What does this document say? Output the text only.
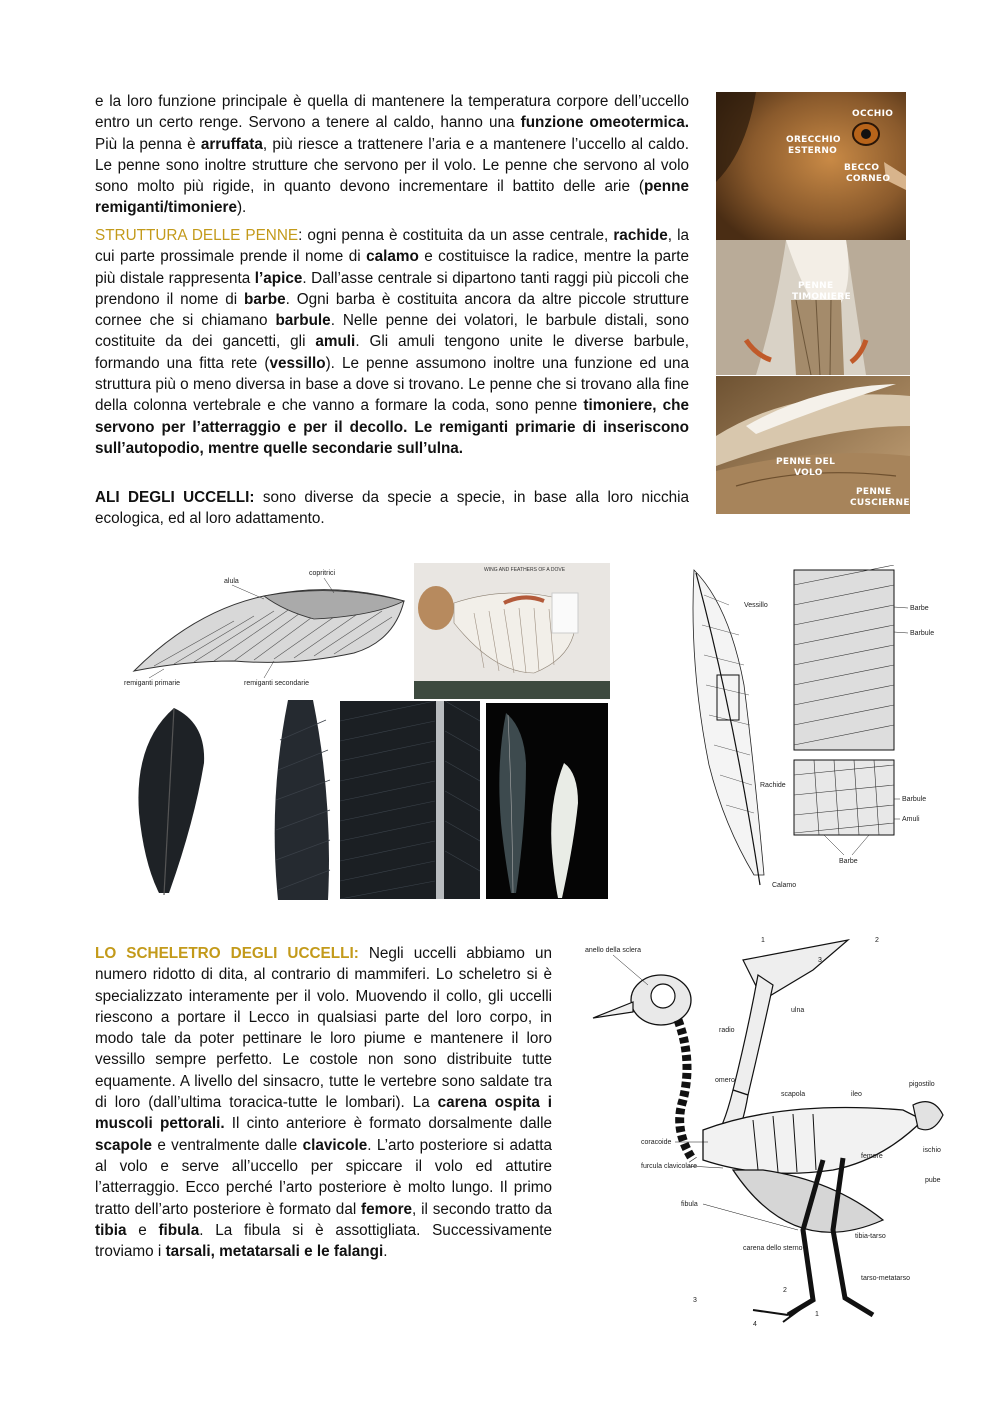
e la loro funzione principale è quella di mantenere la temperatura corpore dell’uccello entro un certo renge. Servono a tenere al caldo, hanno una funzione omeotermica. Più la penna è arruffata, più riesce a trattenere l’aria e a mantenere l’uccello al caldo. Le penne sono inoltre strutture che servono per il volo. Le penne che servono al volo sono molto più rigide, in quanto devono incrementare il battito delle arie (penne remiganti/timoniere).

STRUTTURA DELLE PENNE: ogni penna è costituita da un asse centrale, rachide, la cui parte prossimale prende il nome di calamo e costituisce la radice, mentre la parte più distale rappresenta l’apice. Dall’asse centrale si dipartono tanti raggi più piccoli che prendono il nome di barbe. Ogni barba è costituita ancora da altre piccole strutture cornee che si chiamano barbule. Nelle penne dei volatori, le barbule distali, sono costituite da dei gancetti, gli amuli. Gli amuli tengono unite le diverse barbule, formando una fitta rete (vessillo). Le penne assumono inoltre una funzione ed una struttura più o meno diversa in base a dove si trovano. Le penne che si trovano alla fine della colonna vertebrale e che vanno a formare la coda, sono penne timoniere, che servono per l’atterraggio e per il decollo. Le remiganti primarie di inseriscono sull’autopodio, mentre quelle secondarie sull’ulna.

ALI DEGLI UCCELLI: sono diverse da specie a specie, in base alla loro nicchia ecologica, ed al loro adattamento.

LO SCHELETRO DEGLI UCCELLI: Negli uccelli abbiamo un numero ridotto di dita, al contrario di mammiferi. Lo scheletro si è specializzato interamente per il volo. Muovendo il collo, gli uccelli riescono a portare il Lecco in qualsiasi parte del loro corpo, in modo tale da poter pettinare le loro piume e mantenere il loro vessillo sempre perfetto. Le costole non sono distribuite tutte equamente. A livello del sinsacro, tutte le vertebre sono saldate tra di loro (dall’ultima toracica-tutte le lombari). La carena ospita i muscoli pettorali. Il cinto anteriore è formato dorsalmente dalle scapole e ventralmente dalle clavicole. L’arto posteriore si adatta al volo e serve all’uccello per spiccare il volo ed attutire l’atterraggio. Ecco perché l’arto posteriore è molto lungo. Il primo tratto dell’arto posteriore è formato dal femore, il secondo tratto da tibia e fibula. La fibula si è assottigliata. Successivamente troviamo i tarsali, metatarsali e le falangi.

ORECCHIO
ESTERNO
OCCHIO
BECCO
CORNEO
PENNE
TIMONIERE
PENNE DEL
VOLO
PENNE
CUSCIERNE
alula
copritrici
remiganti primarie	remiganti secondarie
WING AND FEATHERS OF A DOVE
Vessillo
Rachide
Calamo
Barbe
Barbule
Barbule
Amuli
Barbe
anello della sclera
ulna
radio
omero
scapola	ileo
pigostilo
coracoide
furcula clavicolare
femore
ischio
pube
fibula
tibia-tarso
carena dello sterno
tarso-metatarso
1	2
3
4
2
3
1
